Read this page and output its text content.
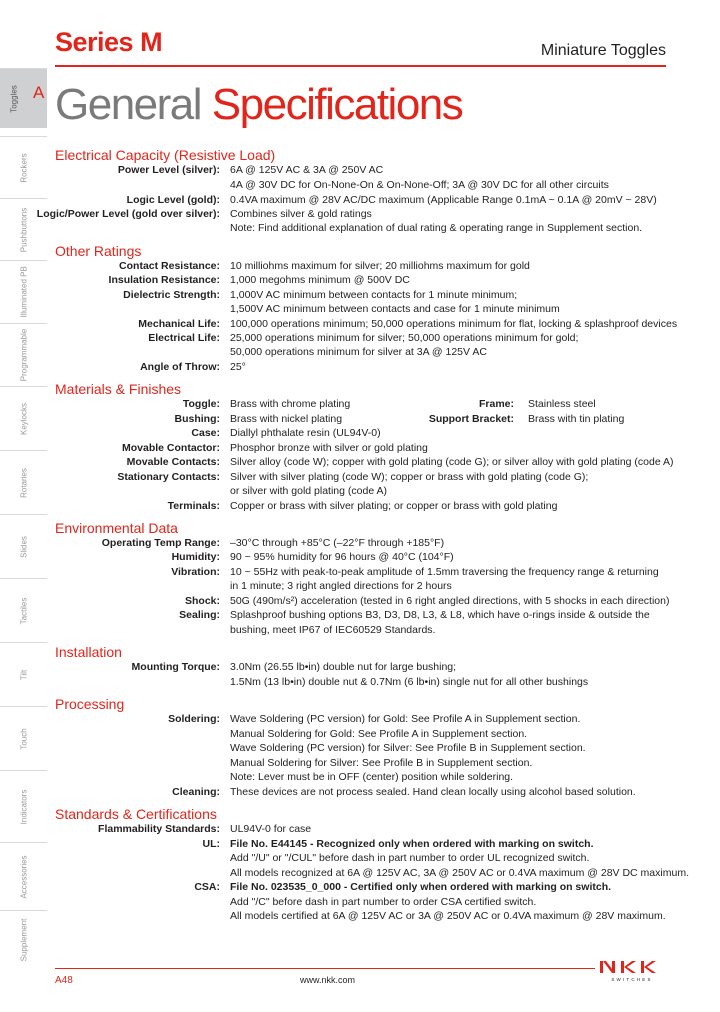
Series M	Miniature Toggles
Toggles A
Rockers
Pushbuttons
Illuminated PB
Programmable
Keylocks
Rotaries
Slides
Tactiles
Tilt
Touch
Indicators
Accessories
Supplement
General Specifications
Electrical Capacity (Resistive Load)
Power Level (silver): 6A @ 125V AC & 3A @ 250V AC
4A @ 30V DC for On-None-On & On-None-Off; 3A @ 30V DC for all other circuits
Logic Level (gold): 0.4VA maximum @ 28V AC/DC maximum (Applicable Range 0.1mA ~ 0.1A @ 20mV ~ 28V)
Logic/Power Level (gold over silver): Combines silver & gold ratings
Note: Find additional explanation of dual rating & operating range in Supplement section.
Other Ratings
Contact Resistance: 10 milliohms maximum for silver; 20 milliohms maximum for gold
Insulation Resistance: 1,000 megohms minimum @ 500V DC
Dielectric Strength: 1,000V AC minimum between contacts for 1 minute minimum;
1,500V AC minimum between contacts and case for 1 minute minimum
Mechanical Life: 100,000 operations minimum; 50,000 operations minimum for flat, locking & splashproof devices
Electrical Life: 25,000 operations minimum for silver; 50,000 operations minimum for gold;
50,000 operations minimum for silver at 3A @ 125V AC
Angle of Throw: 25°
Materials & Finishes
Toggle: Brass with chrome plating	Frame: Stainless steel
Bushing: Brass with nickel plating	Support Bracket: Brass with tin plating
Case: Diallyl phthalate resin (UL94V-0)
Movable Contactor: Phosphor bronze with silver or gold plating
Movable Contacts: Silver alloy (code W); copper with gold plating (code G); or silver alloy with gold plating (code A)
Stationary Contacts: Silver with silver plating (code W); copper or brass with gold plating (code G);
or silver with gold plating (code A)
Terminals: Copper or brass with silver plating; or copper or brass with gold plating
Environmental Data
Operating Temp Range: –30°C through +85°C (–22°F through +185°F)
Humidity: 90 ~ 95% humidity for 96 hours @ 40°C (104°F)
Vibration: 10 ~ 55Hz with peak-to-peak amplitude of 1.5mm traversing the frequency range & returning
in 1 minute; 3 right angled directions for 2 hours
Shock: 50G (490m/s²) acceleration (tested in 6 right angled directions, with 5 shocks in each direction)
Sealing: Splashproof bushing options B3, D3, D8, L3, & L8, which have o-rings inside & outside the
bushing, meet IP67 of IEC60529 Standards.
Installation
Mounting Torque: 3.0Nm (26.55 lb•in) double nut for large bushing;
1.5Nm (13 lb•in) double nut & 0.7Nm (6 lb•in) single nut for all other bushings
Processing
Soldering: Wave Soldering (PC version) for Gold: See Profile A in Supplement section.
Manual Soldering for Gold: See Profile A in Supplement section.
Wave Soldering (PC version) for Silver: See Profile B in Supplement section.
Manual Soldering for Silver: See Profile B in Supplement section.
Note: Lever must be in OFF (center) position while soldering.
Cleaning: These devices are not process sealed. Hand clean locally using alcohol based solution.
Standards & Certifications
Flammability Standards: UL94V-0 for case
UL: File No. E44145 - Recognized only when ordered with marking on switch.
Add "/U" or "/CUL" before dash in part number to order UL recognized switch.
All models recognized at 6A @ 125V AC, 3A @ 250V AC or 0.4VA maximum @ 28V DC maximum.
CSA: File No. 023535_0_000 - Certified only when ordered with marking on switch.
Add "/C" before dash in part number to order CSA certified switch.
All models certified at 6A @ 125V AC or 3A @ 250V AC or 0.4VA maximum @ 28V maximum.
A48	www.nkk.com	SWITCHES
